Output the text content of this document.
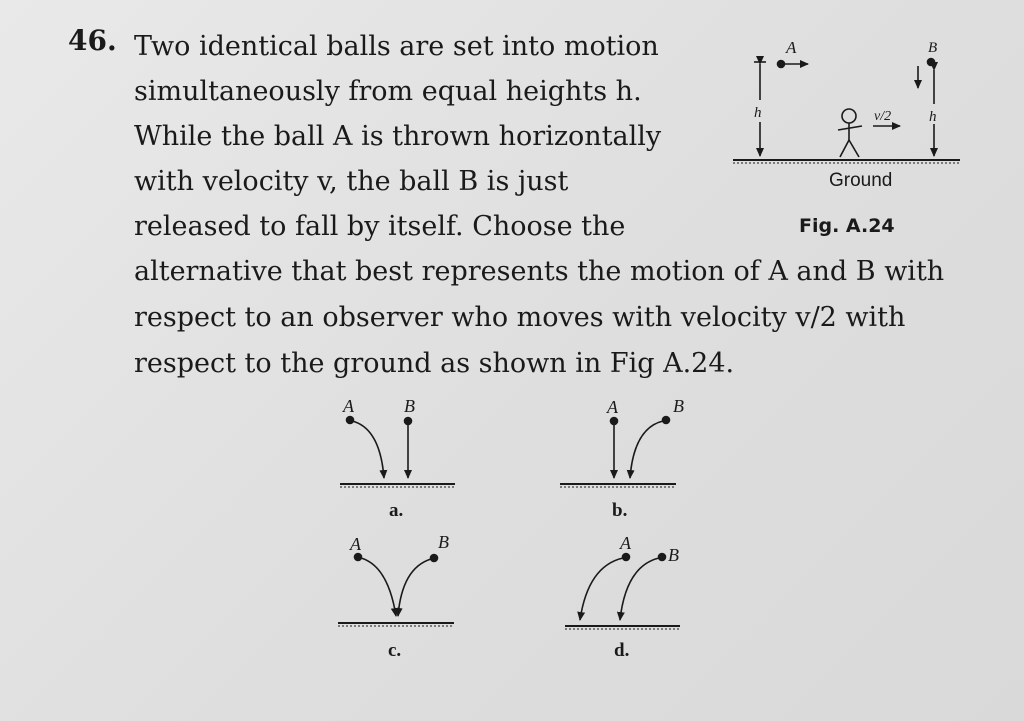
46. Two identical balls are set into motion
simultaneously from equal heights h.
While the ball A is thrown horizontally
with velocity v, the ball B is just
released to fall by itself. Choose the
alternative that best represents the motion of A and B with
respect to an observer who moves with velocity v/2 with
respect to the ground as shown in Fig A.24.
A	B
h	h
v/2
A	B	A	B
A	B	A
B
Ground
Fig. A.24
a.	b.
c.	d.
